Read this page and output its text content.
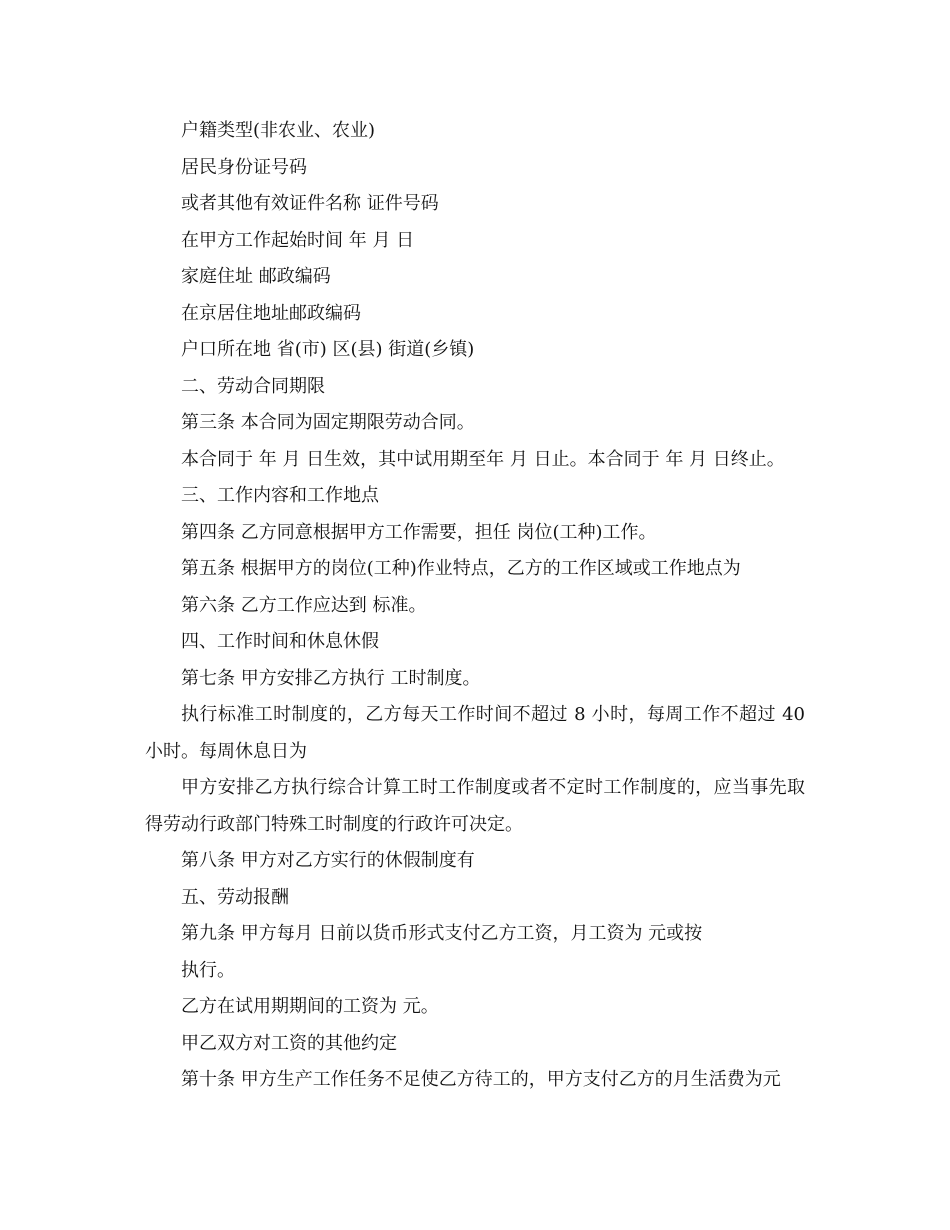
户籍类型(非农业、农业)

居民身份证号码

或者其他有效证件名称 证件号码

在甲方工作起始时间 年 月 日

家庭住址 邮政编码

在京居住地址邮政编码

户口所在地 省(市) 区(县) 街道(乡镇)

二、劳动合同期限

第三条 本合同为固定期限劳动合同。

本合同于 年 月 日生效，其中试用期至年 月 日止。本合同于 年 月 日终止。

三、工作内容和工作地点

第四条 乙方同意根据甲方工作需要，担任 岗位(工种)工作。

第五条 根据甲方的岗位(工种)作业特点，乙方的工作区域或工作地点为

第六条 乙方工作应达到 标准。

四、工作时间和休息休假

第七条 甲方安排乙方执行 工时制度。

执行标准工时制度的，乙方每天工作时间不超过 8 小时，每周工作不超过 40 小时。每周休息日为

甲方安排乙方执行综合计算工时工作制度或者不定时工作制度的，应当事先取得劳动行政部门特殊工时制度的行政许可决定。

第八条 甲方对乙方实行的休假制度有

五、劳动报酬

第九条 甲方每月 日前以货币形式支付乙方工资，月工资为 元或按

执行。

乙方在试用期期间的工资为 元。

甲乙双方对工资的其他约定

第十条 甲方生产工作任务不足使乙方待工的，甲方支付乙方的月生活费为元
